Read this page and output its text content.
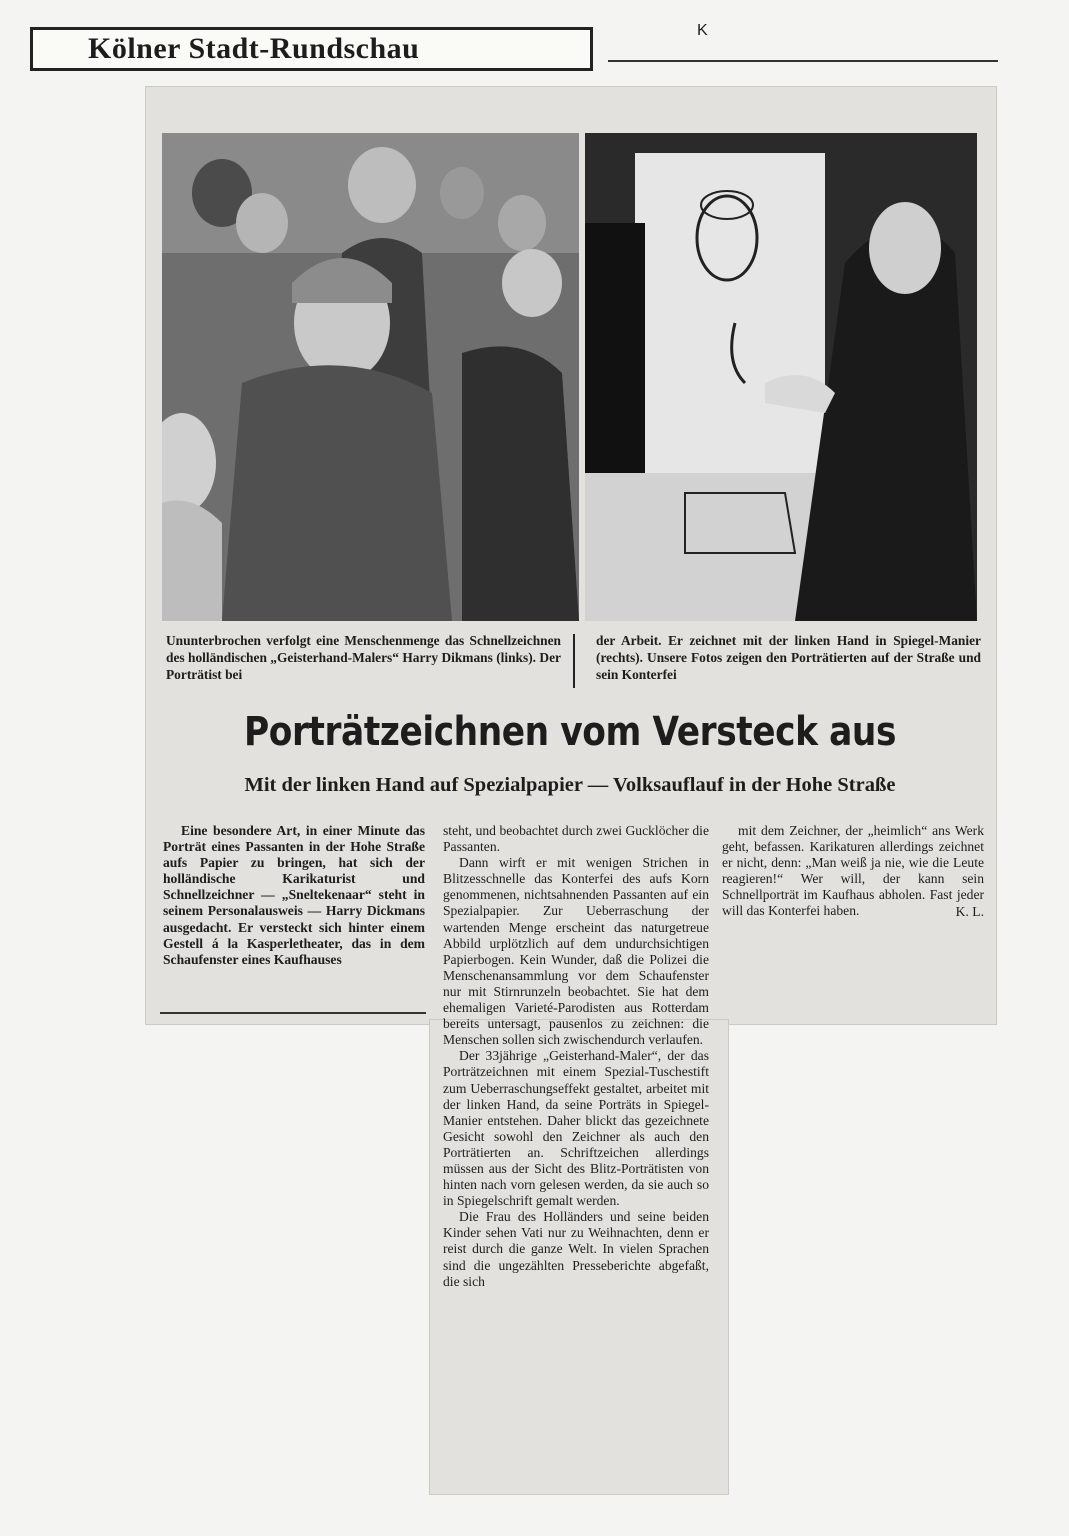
Kölner Stadt-Rundschau
K
Ununterbrochen verfolgt eine Menschenmenge das Schnellzeichnen des holländischen „Geisterhand-Malers“ Harry Dikmans (links). Der Porträtist bei
der Arbeit. Er zeichnet mit der linken Hand in Spiegel-Manier (rechts). Unsere Fotos zeigen den Porträtierten auf der Straße und sein Konterfei
Porträtzeichnen vom Versteck aus
Mit der linken Hand auf Spezialpapier — Volksauflauf in der Hohe Straße

Eine besondere Art, in einer Minute das Porträt eines Passanten in der Hohe Straße aufs Papier zu bringen, hat sich der holländische Karikaturist und Schnellzeichner — „Sneltekenaar“ steht in seinem Personalausweis — Harry Dickmans ausgedacht. Er versteckt sich hinter einem Gestell á la Kasperletheater, das in dem Schaufenster eines Kaufhauses

steht, und beobachtet durch zwei Gucklöcher die Passanten.

Dann wirft er mit wenigen Strichen in Blitzesschnelle das Konterfei des aufs Korn genommenen, nichtsahnenden Passanten auf ein Spezialpapier. Zur Ueberraschung der wartenden Menge erscheint das naturgetreue Abbild urplötzlich auf dem undurchsichtigen Papierbogen. Kein Wunder, daß die Polizei die Menschenansammlung vor dem Schaufenster nur mit Stirnrunzeln beobachtet. Sie hat dem ehemaligen Varieté-Parodisten aus Rotterdam bereits untersagt, pausenlos zu zeichnen: die Menschen sollen sich zwischendurch verlaufen.

Der 33jährige „Geisterhand-Maler“, der das Porträtzeichnen mit einem Spezial-Tuschestift zum Ueberraschungseffekt gestaltet, arbeitet mit der linken Hand, da seine Porträts in Spiegel-Manier entstehen. Daher blickt das gezeichnete Gesicht sowohl den Zeichner als auch den Porträtierten an. Schriftzeichen allerdings müssen aus der Sicht des Blitz-Porträtisten von hinten nach vorn gelesen werden, da sie auch so in Spiegelschrift gemalt werden.

Die Frau des Holländers und seine beiden Kinder sehen Vati nur zu Weihnachten, denn er reist durch die ganze Welt. In vielen Sprachen sind die ungezählten Presseberichte abgefaßt, die sich

mit dem Zeichner, der „heimlich“ ans Werk geht, befassen. Karikaturen allerdings zeichnet er nicht, denn: „Man weiß ja nie, wie die Leute reagieren!“ Wer will, der kann sein Schnellporträt im Kaufhaus abholen. Fast jeder will das Konterfei haben.	K. L.
